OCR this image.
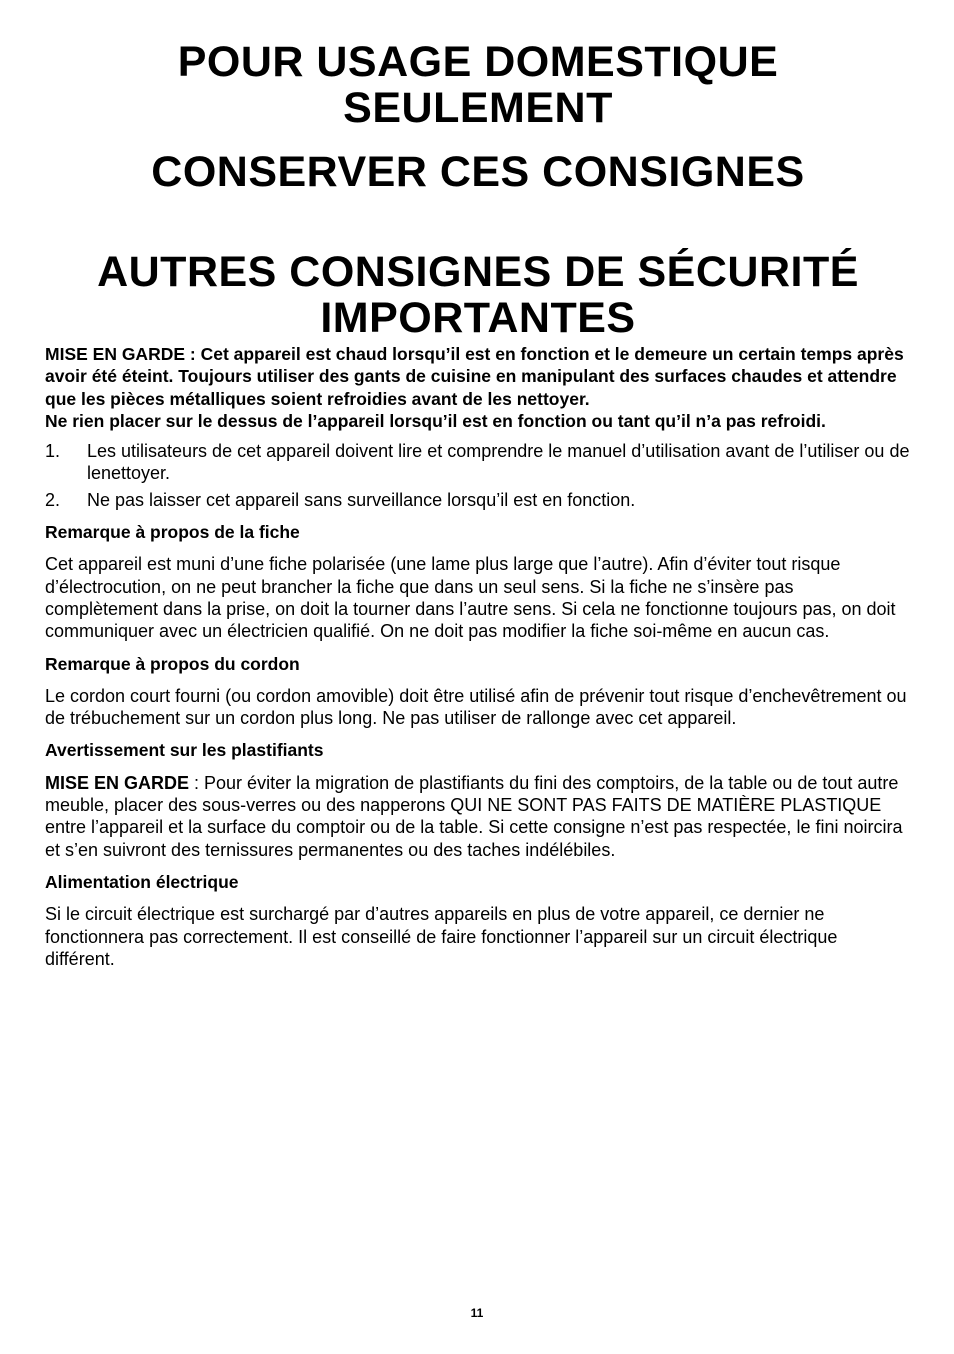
POUR USAGE DOMESTIQUE SEULEMENT
CONSERVER CES CONSIGNES
AUTRES CONSIGNES DE SÉCURITÉ IMPORTANTES

MISE EN GARDE : Cet appareil est chaud lorsqu’il est en fonction et le demeure un certain temps après avoir été éteint. Toujours utiliser des gants de cuisine en manipulant des surfaces chaudes et attendre que les pièces métalliques soient refroidies avant de les nettoyer.

Ne rien placer sur le dessus de l’appareil lorsqu’il est en fonction ou tant qu’il n’a pas refroidi.

1. Les utilisateurs de cet appareil doivent lire et comprendre le manuel d’utilisation avant de l’utiliser ou de lenettoyer.
2. Ne pas laisser cet appareil sans surveillance lorsqu’il est en fonction.

Remarque à propos de la fiche

Cet appareil est muni d’une fiche polarisée (une lame plus large que l’autre). Afin d’éviter tout risque d’électrocution, on ne peut brancher la fiche que dans un seul sens. Si la fiche ne s’insère pas complètement dans la prise, on doit la tourner dans l’autre sens. Si cela ne fonctionne toujours pas, on doit communiquer avec un électricien qualifié. On ne doit pas modifier la fiche soi-même en aucun cas.

Remarque à propos du cordon

Le cordon court fourni (ou cordon amovible) doit être utilisé afin de prévenir tout risque d’enchevêtrement ou de trébuchement sur un cordon plus long. Ne pas utiliser de rallonge avec cet appareil.

Avertissement sur les plastifiants

MISE EN GARDE : Pour éviter la migration de plastifiants du fini des comptoirs, de la table ou de tout autre meuble, placer des sous-verres ou des napperons QUI NE SONT PAS FAITS DE MATIÈRE PLASTIQUE entre l’appareil et la surface du comptoir ou de la table. Si cette consigne n’est pas respectée, le fini noircira et s’en suivront des ternissures permanentes ou des taches indélébiles.

Alimentation électrique

Si le circuit électrique est surchargé par d’autres appareils en plus de votre appareil, ce dernier ne fonctionnera pas correctement. Il est conseillé de faire fonctionner l’appareil sur un circuit électrique différent.

11
